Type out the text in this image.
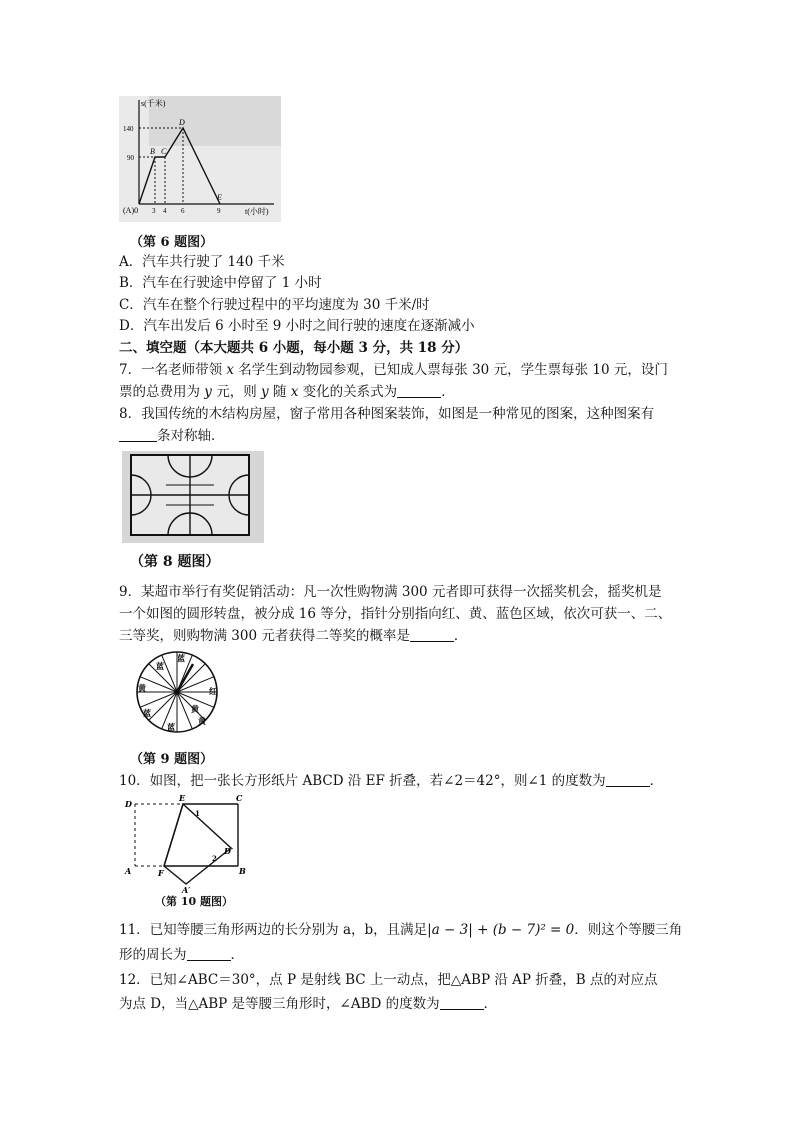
s(千米)
t(小时)
(A)0
140
90
3 4 6	9
B C
D
E
（第 6 题图）
A．汽车共行驶了 140 千米
B．汽车在行驶途中停留了 1 小时
C．汽车在整个行驶过程中的平均速度为 30 千米/时
D．汽车出发后 6 小时至 9 小时之间行驶的速度在逐渐减小
二、填空题（本大题共 6 小题，每小题 3 分，共 18 分）
7．一名老师带领 x 名学生到动物园参观，已知成人票每张 30 元，学生票每张 10 元，设门
票的总费用为 y 元，则 y 随 x 变化的关系式为	．
8．我国传统的木结构房屋，窗子常用各种图案装饰，如图是一种常见的图案，这种图案有
条对称轴．
（第 8 题图）
9．某超市举行有奖促销活动：凡一次性购物满 300 元者即可获得一次摇奖机会，摇奖机是
一个如图的圆形转盘，被分成 16 等分，指针分别指向红、黄、蓝色区域，依次可获一、二、
三等奖，则购物满 300 元者获得二等奖的概率是	．
蓝
蓝
红
黄
黄
蓝
蓝
黄
（第 9 题图）
10．如图，把一张长方形纸片 ABCD 沿 EF 折叠，若∠2＝42°，则∠1 的度数为	．
D
E	C
1
2
D′
B
A	F
A′
（第 10 题图）
11．已知等腰三角形两边的长分别为 a，b，且满足|a − 3| + (b − 7)² = 0．则这个等腰三角
形的周长为	．
12．已知∠ABC＝30°，点 P 是射线 BC 上一动点，把△ABP 沿 AP 折叠，B 点的对应点
为点 D，当△ABP 是等腰三角形时，∠ABD 的度数为	．
